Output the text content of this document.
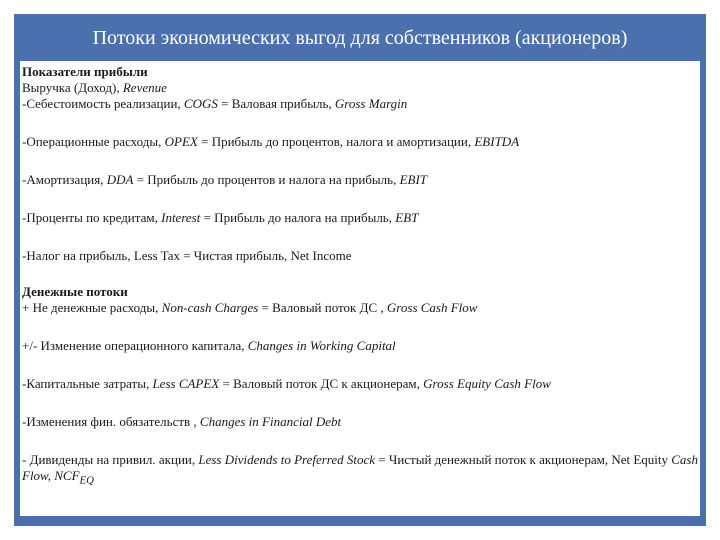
Потоки экономических выгод для собственников (акционеров)
Показатели прибыли
Выручка (Доход), Revenue
-Себестоимость реализации, COGS = Валовая прибыль, Gross Margin
-Операционные расходы, OPEX = Прибыль до процентов, налога и амортизации, EBITDA
-Амортизация, DDA = Прибыль до процентов и налога на прибыль, EBIT
-Проценты по кредитам, Interest = Прибыль до налога на прибыль, EBT
-Налог на прибыль, Less Tax = Чистая прибыль, Net Income
Денежные потоки
+ Не денежные расходы, Non-cash Charges = Валовый поток ДС , Gross Cash Flow
+/- Изменение операционного капитала, Changes in Working Capital
-Капитальные затраты, Less CAPEX = Валовый поток ДС к акционерам, Gross Equity Cash Flow
-Изменения фин. обязательств , Changes in Financial Debt
- Дивиденды на привил. акции, Less Dividends to Preferred Stock = Чистый денежный поток к акционерам, Net Equity Cash Flow, $NCF_{EQ}$
